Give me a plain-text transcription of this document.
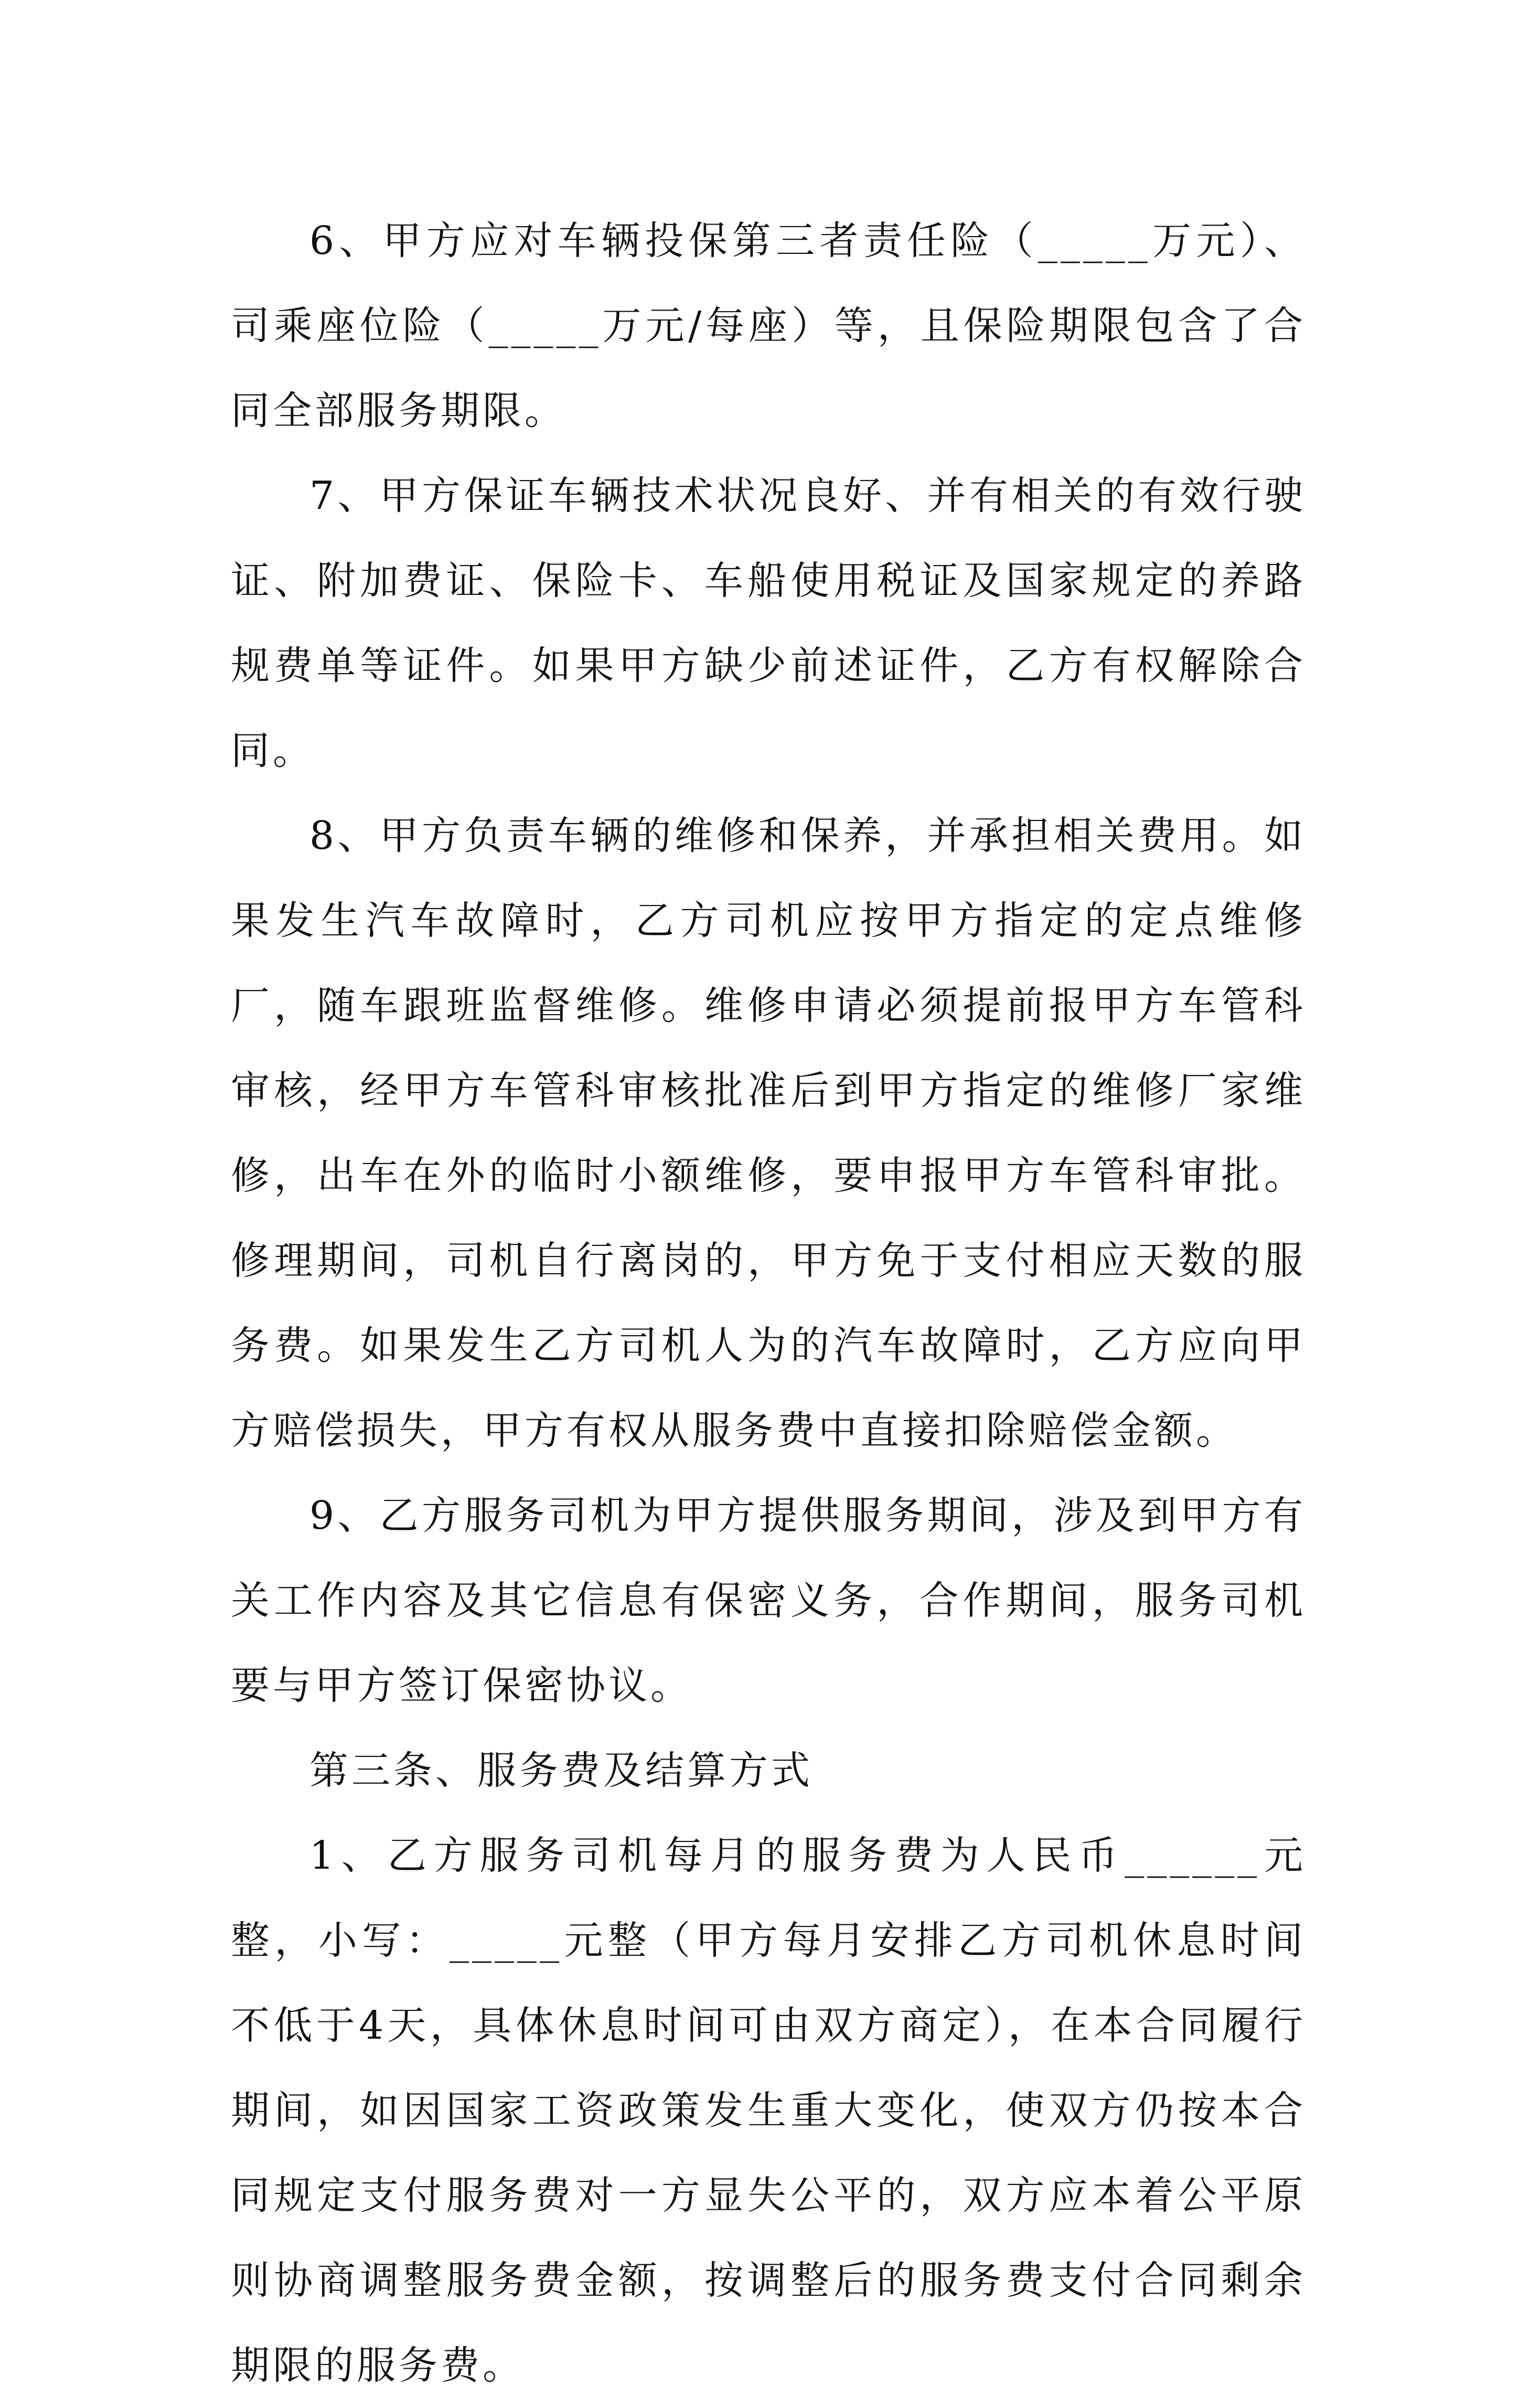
6、甲方应对车辆投保第三者责任险（_____万元）、司乘座位险（_____万元/每座）等，且保险期限包含了合同全部服务期限。

7、甲方保证车辆技术状况良好、并有相关的有效行驶证、附加费证、保险卡、车船使用税证及国家规定的养路规费单等证件。如果甲方缺少前述证件，乙方有权解除合同。

8、甲方负责车辆的维修和保养，并承担相关费用。如果发生汽车故障时，乙方司机应按甲方指定的定点维修厂，随车跟班监督维修。维修申请必须提前报甲方车管科审核，经甲方车管科审核批准后到甲方指定的维修厂家维修，出车在外的临时小额维修，要申报甲方车管科审批。修理期间，司机自行离岗的，甲方免于支付相应天数的服务费。如果发生乙方司机人为的汽车故障时，乙方应向甲方赔偿损失，甲方有权从服务费中直接扣除赔偿金额。

9、乙方服务司机为甲方提供服务期间，涉及到甲方有关工作内容及其它信息有保密义务，合作期间，服务司机要与甲方签订保密协议。

第三条、服务费及结算方式

1、乙方服务司机每月的服务费为人民币______元整，小写：_____元整（甲方每月安排乙方司机休息时间不低于4天，具体休息时间可由双方商定），在本合同履行期间，如因国家工资政策发生重大变化，使双方仍按本合同规定支付服务费对一方显失公平的，双方应本着公平原则协商调整服务费金额，按调整后的服务费支付合同剩余期限的服务费。
